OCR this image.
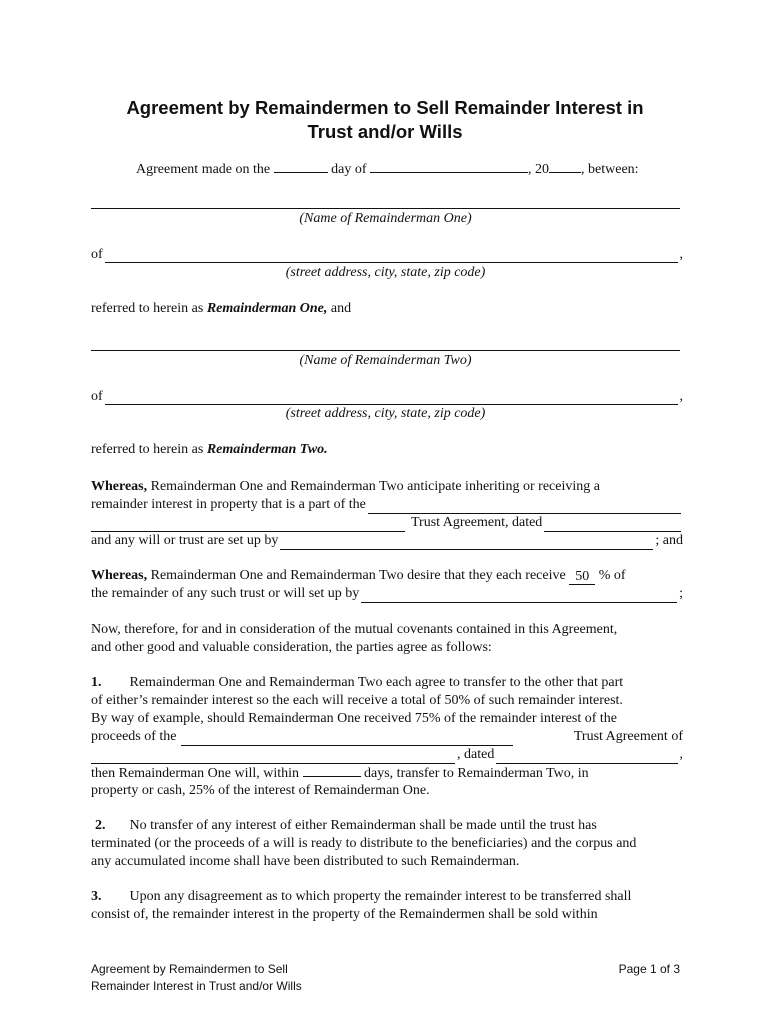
Agreement by Remaindermen to Sell Remainder Interest in
Trust and/or Wills
Agreement made on the	day of	, 20 , between:
(Name of Remainderman One)
of	,
(street address, city, state, zip code)
referred to herein as Remainderman One, and
(Name of Remainderman Two)
of	,
(street address, city, state, zip code)
referred to herein as Remainderman Two.
Whereas, Remainderman One and Remainderman Two anticipate inheriting or receiving a
remainder interest in property that is a part of the
Trust Agreement, dated
and any will or trust are set up by	; and
Whereas,
Remainderman One and Remainderman Two desire that they each receive
50
% of
the remainder of any such trust or will set up by	;
Now, therefore, for and in consideration of the mutual covenants contained in this Agreement,
and other good and valuable consideration, the parties agree as follows:
1. Remainderman One and Remainderman Two each agree to transfer to the other that part
of either’s remainder interest so the each will receive a total of 50% of such remainder interest.
By way of example, should Remainderman One received 75% of the remainder interest of the
proceeds of the	Trust Agreement of
, dated	,
then Remainderman One will, within	days, transfer to Remainderman Two, in
property or cash, 25% of the interest of Remainderman One.
2. No transfer of any interest of either Remainderman shall be made until the trust has
terminated (or the proceeds of a will is ready to distribute to the beneficiaries) and the corpus and
any accumulated income shall have been distributed to such Remainderman.
3. Upon any disagreement as to which property the remainder interest to be transferred shall
consist of, the remainder interest in the property of the Remaindermen shall be sold within
Agreement by Remaindermen to Sell
Remainder Interest in Trust and/or Wills
Page 1 of 3
